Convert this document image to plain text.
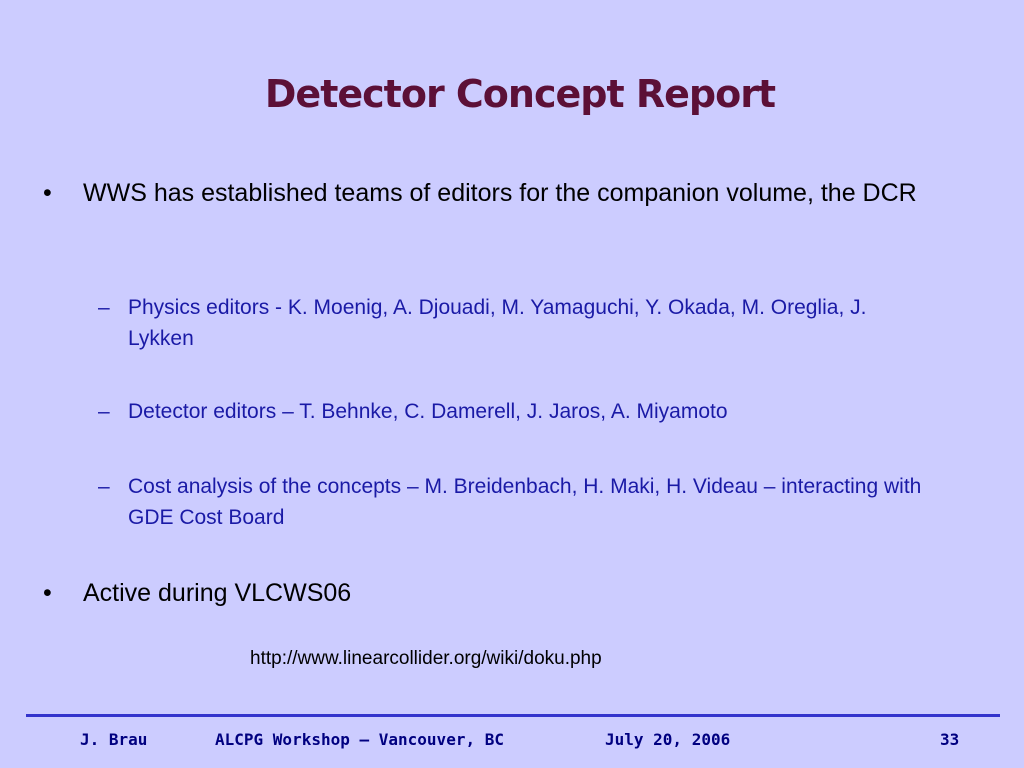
Detector Concept Report
• WWS has established teams of editors for the companion volume, the DCR
– Physics editors - K. Moenig, A. Djouadi, M. Yamaguchi, Y. Okada, M. Oreglia, J. Lykken
– Detector editors – T. Behnke, C. Damerell, J. Jaros, A. Miyamoto
– Cost analysis of the concepts – M. Breidenbach, H. Maki, H. Videau – interacting with GDE Cost Board
• Active during VLCWS06
http://www.linearcollider.org/wiki/doku.php
J. Brau	ALCPG Workshop – Vancouver, BC	July 20, 2006	33
